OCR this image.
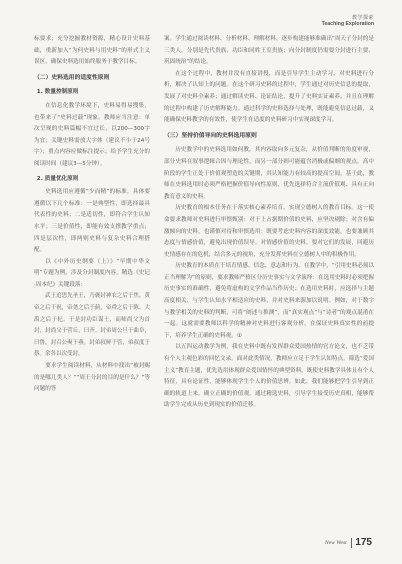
教学探索
Teaching Exploration

标要求；充分挖掘教材资源，精心设计史料基础，重新加入“为何史料与用史料”的形式主义误区，确保史料选用始终服务于教学目标。

（二）史料选用的适度性原则
1. 数量控制原则

在信息化教学环境下，史料易得易搜集，也带来了“史料过载”现象。教师应当注意：单次呈现的史料篇幅不宜过长，以200—300字为宜；关键史料需放大字体（建议不小于24号字）；重点内容应做标注提示；给予学生充分的阅读时间（建议3—5分钟）。

2. 质量优化原则

史料选用应遵循“少而精”的标准，具体要遵循以下几个标准：一是典型性，即选择最具代表性的史料；二是适切性，即符合学生认知水平；三是价值性，即能有效支撑教学重点；四是层次性，即两则史料与复杂史料合理搭配。

以《中外历史纲要（上）》“早期中华文明”专题为例，涉及分封制度内容，精选《史记·周本纪》关键段落：

武王追思先圣王，乃褒封神农之后于焦，黄帝之后于祝，帝尧之后于蓟，帝舜之后于陈，大禹之后于杞。于是封功臣谋士，而师尚父为首封，封尚父于营丘，曰齐。封弟周公旦于曲阜，曰鲁。封召公奭于燕。封弟叔鲜于管，弟叔度于蔡。余各以次受封。

要求学生阅读材料，从材料中找出“被封赐的是哪几类人？”“周王分封的目的是什么？”等问题的答

案。学生通过阅读材料、分析材料、理解材料，逐步构建能够准确出“周天子分封的是三类人，分别是先代贵族、功臣和同姓王室贵族；向分封制度仍需要分封进行主要、巩固统治”的结论。

在这个过程中，教材并没有直接讲授，而是引导学生主动学习，对史料进行分析，解决了认知上的问题。在这个研习史料的过程中，学生通过对历史信息的提取，发展了对史料全素养；通过解读史料、论证结论，提升了史料实证素养。并且在理解的过程中构建了历史解释能力。通过科学的史料选择与处理，既能避免信息过载，又能确保史料教学的有效性，使学生在适度的史料研习中实现深度学习。

（三）坚持价值导向的史料选用原则

历史教学中的史料选用如何教，其内容取向多元复杂，从价值判断的角度审视，部分史料在叙事逻辑合因与理论性，而另一部分则可能蕴含消极或偏颇的观点。高中阶段的学生正处于价值观塑造的关键期，其认知能力有较高的提高空间。基于此，教师在史料选用时必须严格把握价值导向性原则，优先选择符合主流价值观、具有正向教育意义的史料。

历史教育的根本任务在于落实核心素养培育，实现立德树人的教育目标。这一使命要求教师对史料进行审慎甄别：对于上占据期价值的史料，应坚决剔除；对含有偏激倾向的史料，也谨慎对待和审慎选用：既要考虑史料内容的深度效能，也要兼顾其态度与情感价值，避免出现价值误导。对情感价值的史料，要对它们的发展，回避历史情感存在的危机，结合多元的视角，充分发挥史料在立德树人中的积极作用。

历史教育的本质在于培育情感、信念、意志和行为。在教学中，“引用史料必须以正当理解为”的原则，要求教师严格区分历史事实与文学演绎：在选用史料时必须把握历史事实的准确性，避免将虚构的文学作品当作历史；在选用史料时，应选择与主题高度相关、与学生认知水平相适应的史料，并对史料来源加以说明。例如，对于数字与教学相关的史料的判断，可将“阐述与推测”，而“真实观点”与“诗者”的观点混淆在一起。这就需要教师以科学的精神对史料进行客观分析，在保证史料真实性的前提下，培养学生正确的史料观。①

以五四运动教学为例，我在史料中既有发挥群众爱国热情的官方论文，也不乏带有个人主观色彩的回忆文录。面对此类情况，教师应立足于学生认知特点，筛选“爱国主义”教育主题，优先选用体现群众爱国情怀的典型资料，既使史料教学具体且有个人特征，具有论证性，能够体现学生个人的价值思辨。如此，我们能够把学生引导到正确的轨道上来，确立正确的价值观，通过精选史料，引导学生接受历史真相，能够帮助学生完成从历史到现实的价值迁移。

New West 175
